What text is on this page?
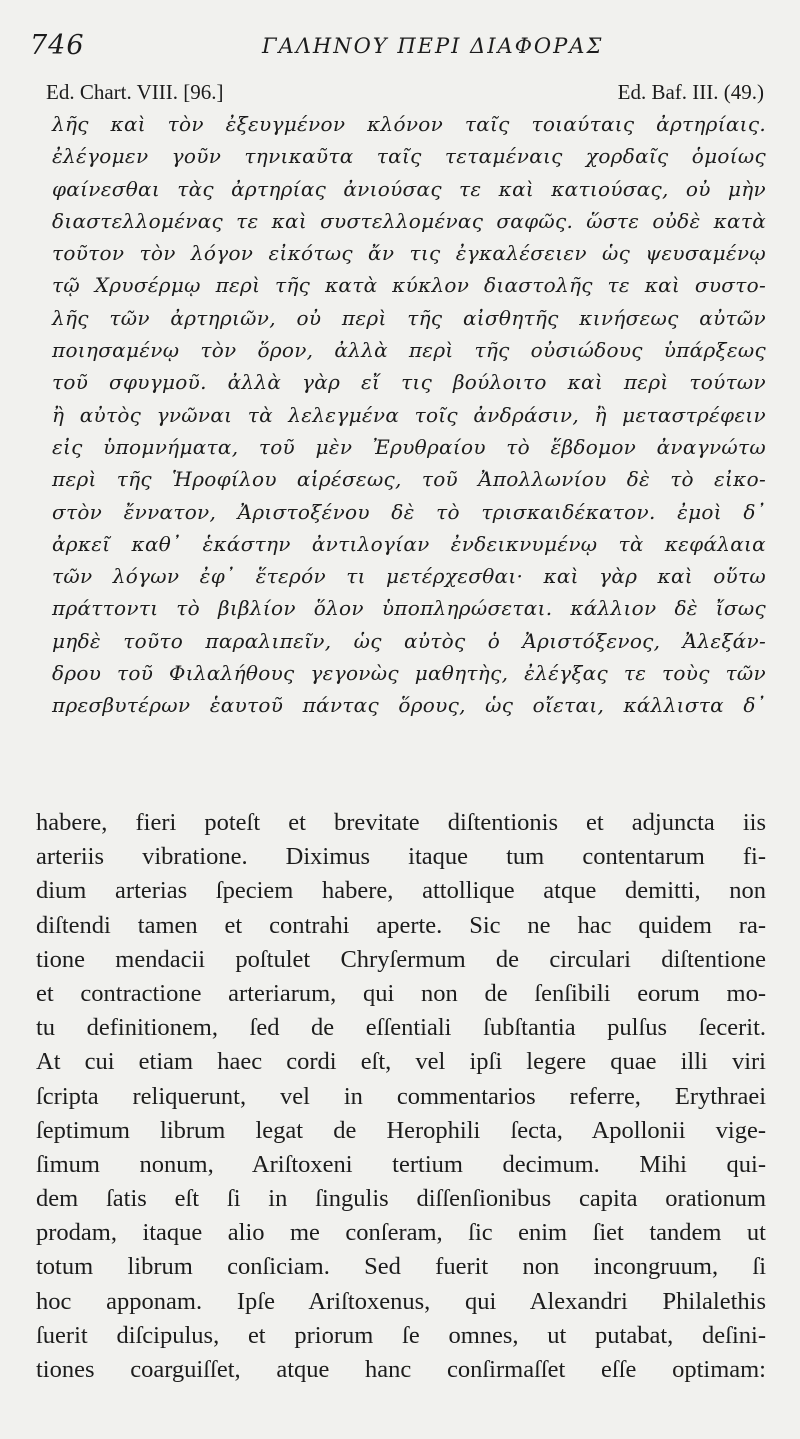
746	ΓΑΛΗΝΟΥ ΠΕΡΙ ΔΙΑΦΟΡΑΣ
Ed. Chart. VIII. [96.]	Ed. Baf. III. (49.)
λῆς καὶ τὸν ἐξευγμένον κλόνον ταῖς τοιαύταις ἀρτηρίαις.
ἐλέγομεν γοῦν τηνικαῦτα ταῖς τεταμέναις χορδαῖς ὁμοίως
φαίνεσθαι τὰς ἀρτηρίας ἀνιούσας τε καὶ κατιούσας, οὐ μὴν
διαστελλομένας τε καὶ συστελλομένας σαφῶς. ὥστε οὐδὲ κατὰ
τοῦτον τὸν λόγον εἰκότως ἄν τις ἐγκαλέσειεν ὡς ψευσαμένῳ
τῷ Χρυσέρμῳ περὶ τῆς κατὰ κύκλον διαστολῆς τε καὶ συστο-
λῆς τῶν ἀρτηριῶν, οὐ περὶ τῆς αἰσθητῆς κινήσεως αὐτῶν
ποιησαμένῳ τὸν ὅρον, ἀλλὰ περὶ τῆς οὐσιώδους ὑπάρξεως
τοῦ σφυγμοῦ. ἀλλὰ γὰρ εἴ τις βούλοιτο καὶ περὶ τούτων
ἢ αὐτὸς γνῶναι τὰ λελεγμένα τοῖς ἀνδράσιν, ἢ μεταστρέφειν
εἰς ὑπομνήματα, τοῦ μὲν Ἐρυθραίου τὸ ἕβδομον ἀναγνώτω
περὶ τῆς Ἡροφίλου αἱρέσεως, τοῦ Ἀπολλωνίου δὲ τὸ εἰκο-
στὸν ἔννατον, Ἀριστοξένου δὲ τὸ τρισκαιδέκατον. ἐμοὶ δ᾽
ἀρκεῖ καθ᾽ ἑκάστην ἀντιλογίαν ἐνδεικνυμένῳ τὰ κεφάλαια
τῶν λόγων ἐφ᾽ ἕτερόν τι μετέρχεσθαι· καὶ γὰρ καὶ οὕτω
πράττοντι τὸ βιβλίον ὅλον ὑποπληρώσεται. κάλλιον δὲ ἴσως
μηδὲ τοῦτο παραλιπεῖν, ὡς αὐτὸς ὁ Ἀριστόξενος, Ἀλεξάν-
δρου τοῦ Φιλαλήθους γεγονὼς μαθητὴς, ἐλέγξας τε τοὺς τῶν
πρεσβυτέρων ἑαυτοῦ πάντας ὅρους, ὡς οἴεται, κάλλιστα δ᾽
habere, fieri poteſt et brevitate diſtentionis et adjuncta iis
arteriis vibratione. Diximus itaque tum contentarum fi-
dium arterias ſpeciem habere, attollique atque demitti, non
diſtendi tamen et contrahi aperte. Sic ne hac quidem ra-
tione mendacii poſtulet Chryſermum de circulari diſtentione
et contractione arteriarum, qui non de ſenſibili eorum mo-
tu definitionem, ſed de eſſentiali ſubſtantia pulſus ſecerit.
At cui etiam haec cordi eſt, vel ipſi legere quae illi viri
ſcripta reliquerunt, vel in commentarios referre, Erythraei
ſeptimum librum legat de Herophili ſecta, Apollonii vige-
ſimum nonum, Ariſtoxeni tertium decimum. Mihi qui-
dem ſatis eſt ſi in ſingulis diſſenſionibus capita orationum
prodam, itaque alio me conſeram, ſic enim ſiet tandem ut
totum librum conſiciam. Sed fuerit non incongruum, ſi
hoc apponam. Ipſe Ariſtoxenus, qui Alexandri Philalethis
ſuerit diſcipulus, et priorum ſe omnes, ut putabat, deſini-
tiones coarguiſſet, atque hanc conſirmaſſet eſſe optimam:
